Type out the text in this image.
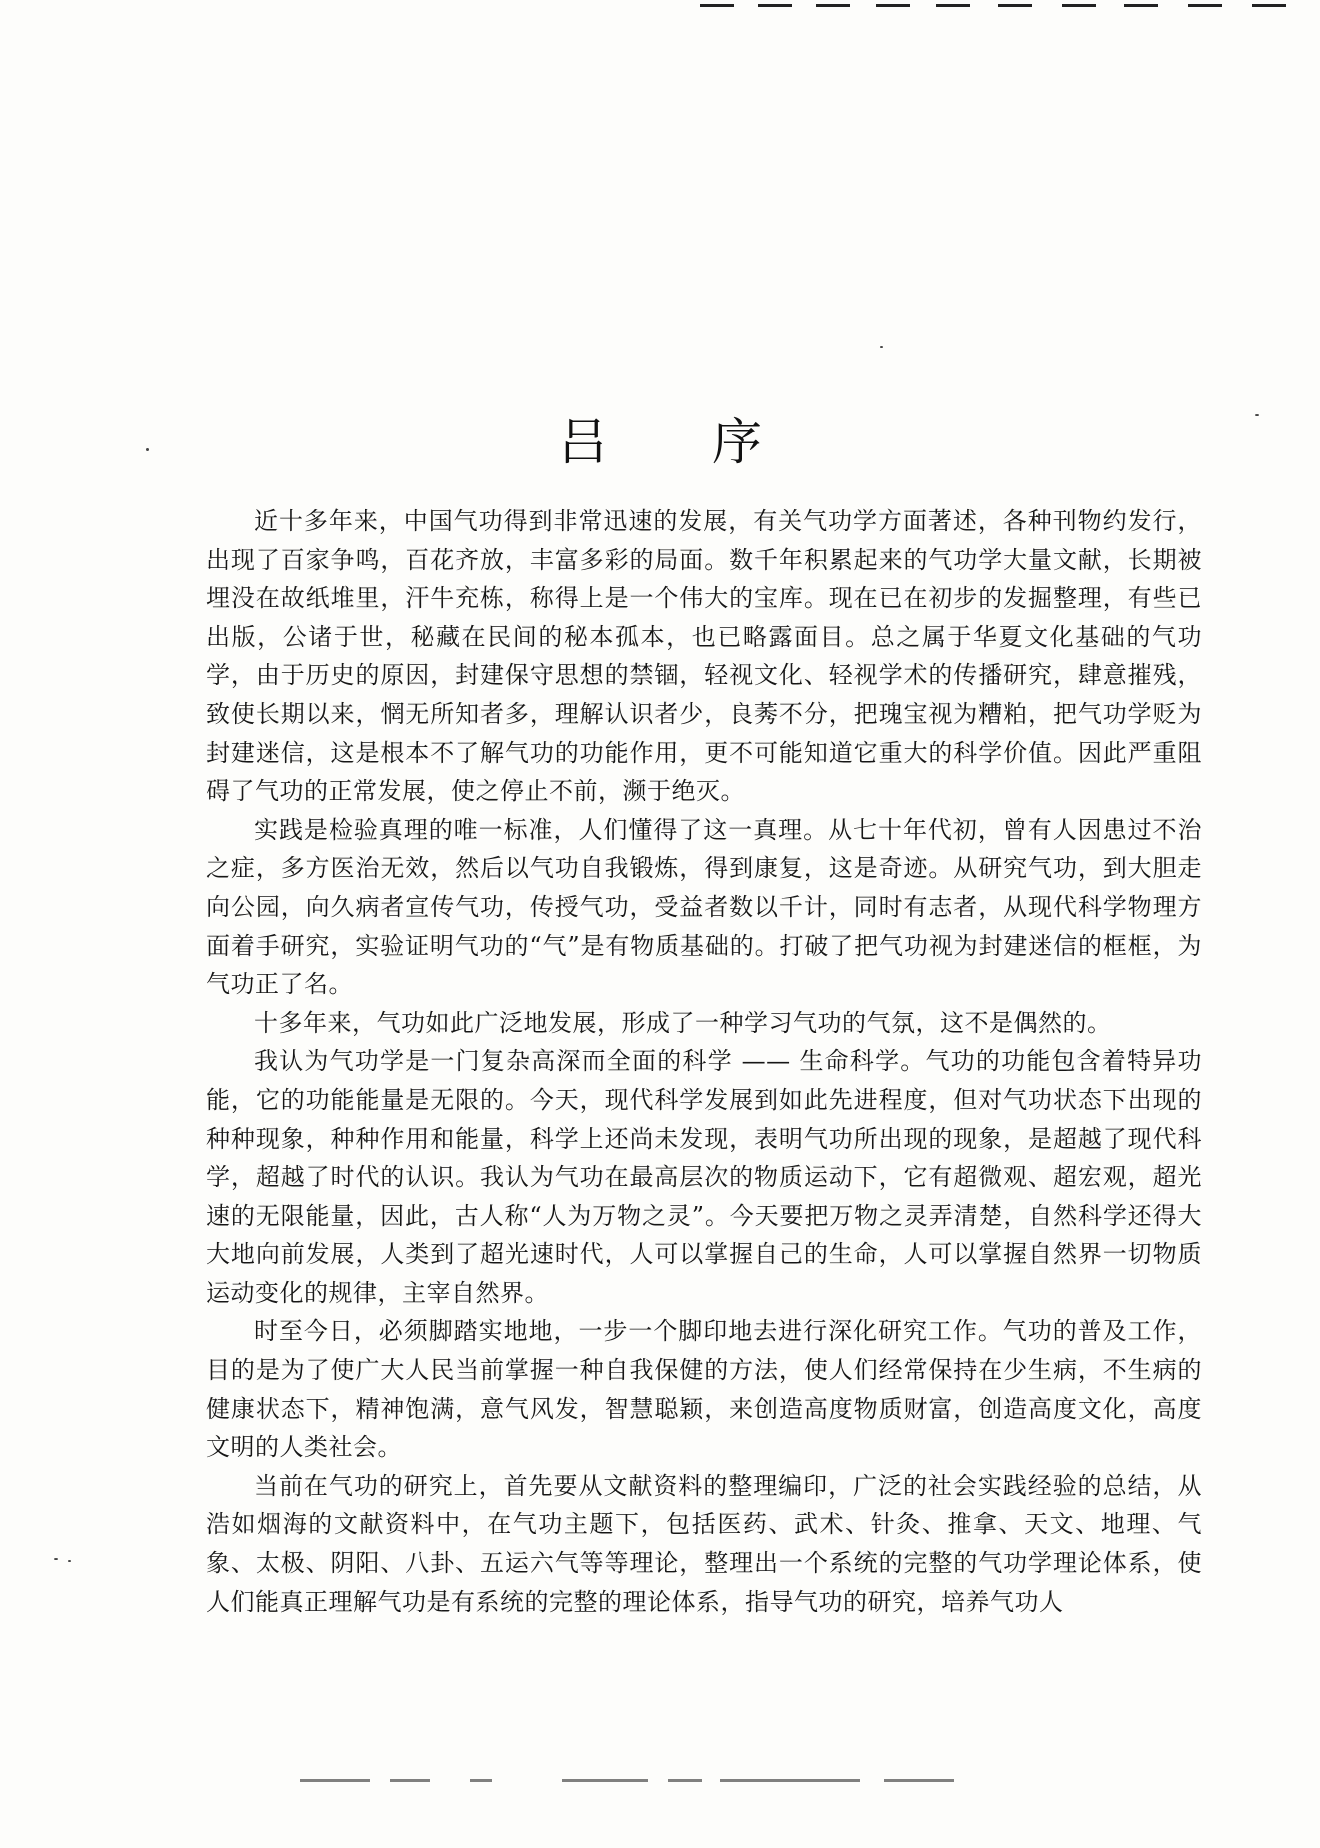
吕 序

近十多年来，中国气功得到非常迅速的发展，有关气功学方面著述，各种刊物约发行，出现了百家争鸣，百花齐放，丰富多彩的局面。数千年积累起来的气功学大量文献，长期被埋没在故纸堆里，汗牛充栋，称得上是一个伟大的宝库。现在已在初步的发掘整理，有些已出版，公诸于世，秘藏在民间的秘本孤本，也已略露面目。总之属于华夏文化基础的气功学，由于历史的原因，封建保守思想的禁锢，轻视文化、轻视学术的传播研究，肆意摧残，致使长期以来，惘无所知者多，理解认识者少，良莠不分，把瑰宝视为糟粕，把气功学贬为封建迷信，这是根本不了解气功的功能作用，更不可能知道它重大的科学价值。因此严重阻碍了气功的正常发展，使之停止不前，濒于绝灭。

实践是检验真理的唯一标准，人们懂得了这一真理。从七十年代初，曾有人因患过不治之症，多方医治无效，然后以气功自我锻炼，得到康复，这是奇迹。从研究气功，到大胆走向公园，向久病者宣传气功，传授气功，受益者数以千计，同时有志者，从现代科学物理方面着手研究，实验证明气功的“气”是有物质基础的。打破了把气功视为封建迷信的框框，为气功正了名。

十多年来，气功如此广泛地发展，形成了一种学习气功的气氛，这不是偶然的。

我认为气功学是一门复杂高深而全面的科学 —— 生命科学。气功的功能包含着特异功能，它的功能能量是无限的。今天，现代科学发展到如此先进程度，但对气功状态下出现的种种现象，种种作用和能量，科学上还尚未发现，表明气功所出现的现象，是超越了现代科学，超越了时代的认识。我认为气功在最高层次的物质运动下，它有超微观、超宏观，超光速的无限能量，因此，古人称“人为万物之灵”。今天要把万物之灵弄清楚，自然科学还得大大地向前发展，人类到了超光速时代，人可以掌握自己的生命，人可以掌握自然界一切物质运动变化的规律，主宰自然界。

时至今日，必须脚踏实地地，一步一个脚印地去进行深化研究工作。气功的普及工作，目的是为了使广大人民当前掌握一种自我保健的方法，使人们经常保持在少生病，不生病的健康状态下，精神饱满，意气风发，智慧聪颖，来创造高度物质财富，创造高度文化，高度文明的人类社会。

当前在气功的研究上，首先要从文献资料的整理编印，广泛的社会实践经验的总结，从浩如烟海的文献资料中，在气功主题下，包括医药、武术、针灸、推拿、天文、地理、气象、太极、阴阳、八卦、五运六气等等理论，整理出一个系统的完整的气功学理论体系，使人们能真正理解气功是有系统的完整的理论体系，指导气功的研究，培养气功人
